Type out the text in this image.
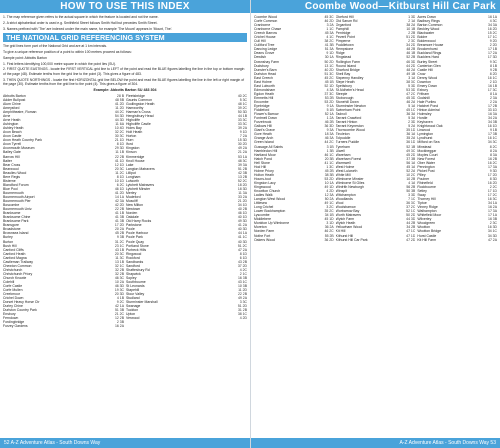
HOW TO USE THIS INDEX

1. The map reference given refers to the actual square in which the feature is located and not the name.

2. A strict alphabetical order is used e.g. Smithfield Street follows Smith Hall but precedes Smith Street.

3. Names prefixed with 'The' are indexed under the main name, for example 'The Mount' appears in 'Mount, The'.

THE NATIONAL GRID REFERENCING SYSTEM

The grid lines form part of the National Grid and are at 1 km intervals.

To give a unique reference position of a point to within 100 metres proceed as follows:

Sample point: Abbotts Barton

1. First letters identifying 100,000 metre square in which the point lies (SU).

2. FIRST QUOTE EASTINGS - locate the FIRST VERTICAL grid line to LEFT of the point and read the BLUE figures labelling the line in the top or bottom margin of the page (48). Estimate tenths from the grid line to the point (3). This gives a figure of 483.

3. THEN QUOTE NORTHINGS - locate the first HORIZONTAL grid line BELOW the point and read the BLUE figures labelling the line in the left or right margin of the page (30). Estimate tenths from the grid line to the point (4). This gives a figure of 304.

Example: Abbotts Barton SU 483 304

Abbotts Barton	28 B
Adder Bullpost	48 5B
Alum Chine	41 2D
Ameysford	11 2D
Amphitheatre, Roman	44 2C
Arne	54 3D
Arne Heath	44 3D
Ashington	11 6A
Ashley Heath	10 4D
Avon Beach	32 2C
Avon Castle	30 3C
Avon Heath Country Park	21 1D
Avon Tyrrell	8 1D
Avonmouth Museum	29 3D
Bailey Gate	11 1B
Barrow Hill	22 2B
Baiter	41 1D
Bear Cross	12 1D
Bearwood	20 3C
Beaulieu Wood	11 2C
Bere Regis	8 1D
Bisterne	10 1D
Blandford Forum	6 2C
Blue Pool	46 1D
Bournemouth	41 2D
Bournemouth Airport	14 1A
Bournemouth Pier	42 3A
Boscombe	42 2D
Bournemouth Univ.	22 2B
Branksome	41 1B
Branksome Chine	41 3B
Branksome Park	41 3B
Bransgore	17 2D
Broadstone	20 2A
Brownsea Island	45 2B
Burley	9 3B
Burton	31 2C
Bush Hill	23 1C
Canford Cliffs	43 1B
Canford Heath	20 3C
Canford Magna	11 3C
Castleman Trailway	13 1B
Chewton Common	32 1C
Christchurch	32 2B
Christchurch Priory	32 2B
Church Knowle	46 3C
Colehill	10 2A
Corfe Castle	46 3D
Corfe Mullen	19 3C
Creekmoor	20 3D
Crichel Down	4 1B
Dorset Heavy Horse Ctr	9 2C
Durley Chine	42 1A
Durlston Country Park	51 3B
Ensbury	21 2C
Ferndown	12 2B
Fordingbridge	2 3B
Furzey Gardens	16 2A
Fleetsbridge	40 2C
Gaunts Common	5 3C
Godlingston Heath	48 1C
Hamworthy	39 2C
Harman's Cross	50 3D
Hengistbury Head	44 1B
Highcliffe	33 3C
Highcliffe Castle	33 3C
Holes Bay	39 2A
Holt Heath	9 1D
Horton	7 2A
Hurn	15 3D
Iford	30 2D
Kingston	49 2A
Kinson	21 2A
Kimmeridge	53 1A
Knoll House	48 3C
Lake	39 3A
Langton Matravers	51 2B
Lilliput	42 3B
Longham	13 2B
Lulworth	52 2C
Lytchett Matravers	18 2D
Lytchett Minster	18 3D
Merley	11 3A
Mudeford	33 2A
Muscliff	21 2D
New Milton	34 1D
Newtown	40 2B
Norden	46 1D
Oakdale	40 1D
Old Harry Rocks	49 3D
Parkstone	41 2A
Poole	40 3D
Poole Harbour	44 1A
Poole Park	41 1C
Poole Quay	40 3D
Portland Stone	51 2C
Purbeck Hills	47 2A
Ringwood	8 1D
Rockford	6 1D
Sandbanks	43 2B
Sandford	37 2D
Shaftesbury Rd	4 2C
Shapwick	2 1C
Sopley	16 3B
Southbourne	43 1C
St Leonards	10 3B
Stapehill	11 2D
Stour Valley	22 2B
Studland	49 2A
Sturminster Marshall	3 3C
Swanage	51 2D
Tuckton	31 2B
Upton	38 1C
Verwood	4 2D
52 A-Z Adventure Atlas - South Downs Way
Coombe Wood—Kitburst Hill Car Park
Coombe Wood	45 3C
Corfe Common	46 2D
Cranborne	3 2A
Cranborne Chase	1 1C
Creech Barrow	45 3A
Crichel House	4 1C
Cull Hill	38 2C
Culliford Tree	41 3B
Dancing Ledge	51 3A
Deans Grove	9 1D
Dewlish	30 1A
Downshay Farm	50 2D
Dudsbury	13 1C
Dunster's Barn	40 2D
Durlston Head	51 3C
East Creech	45 2C
East Holme	45 1B
East Lulworth	52 1D
Edmondsham	4 3A
Egdon Heath	37 3C
Emmetts Hill	53 2B
Encombe	53 2D
Eyebridge	9 1A
Fiddleford	5 1B
Flower's Barrow	52 1A
Fontmell Down	1 2A
Furzebrook	46 2B
Gallows Hill	36 3D
Giant's Grave	9 3A
Gore Heath	18 3A
Grange Arch	46 3A
Green Island	44 2C
Gussage All Saints	3 1B
Hambledon Hill	1 3B
Hartland Moor	46 1C
Hatch Pond	20 3B
Hell Stone	41 1C
Hod Hill	1 3C
Holme Priory	45 2B
Holton Heath	38 3B
Houns-tout	53 2D
Kingston Lacy	10 1A
Kingswood	49 1D
Knowlton Church	4 2D
Ladies Walk	12 3A
Langton West Wood	50 2A
Littlesea	49 1C
Long Crichel	3 2C
Lower Bockhampton	35 2C
Lyscombe	34 1B
Middlebere	45 1D
Monkton Up Wimborne	3 1D
Moreton	36 2A
Norden Farm	46 2C
Nothe Fort	55 2B
Oakers Wood	36 2D
Okeford Hill	1 3D
Old Sarum Rd	2 1A
Organford	38 2A
Pamphill	10 1B
Pentridge	2 2B
Peveril Point	51 2D
Pimperne	2 3C
Puddletown	34 2D
Rempstone	48 2B
Ridge	46 1B
Ringstead	52 2B
Rollington Farm	46 3D
Round Island	44 2D
Sharford Bridge	48 2A
Shell Bay	49 1B
Sixpenny Handley	3 1A
Slepe Heath	38 3C
Spetisbury	5 3D
St Aldhelm's Head	53 3D
Steeple	47 2C
Stoborough	45 3D
Stonehill Down	46 2A
Sturminster Newton	5 1A
Swineham Point	45 1C
Tadnoll	36 3A
Tarrant Crawford	5 3A
Tarrant Hinton	2 3D
Tarrant Keyneston	5 2A
Thorncombe Wood	35 1D
Tincleton	36 1A
Tolpuddle	35 2A
Turners Puddle	36 1D
Tyneham	52 1B
Ulwell	49 3C
Wareham	45 2D
Wareham Forest	37 3B
Warmwell	56 1A
West Holme	45 1A
West Lulworth	52 2A
White Mill	10 2C
Wimborne Minster	10 2B
Wimborne St Giles	4 1A
Winfrith Newburgh	56 2B
Winspit	50 3B
Witchampton	3 3D
Woodlands	7 1C
Wool	36 3C
Woolsbarrow	37 2C
Worbarrow Bay	52 1C
Worth Matravers	50 2D
Wytch Farm	44 3D
Wytch Heath	44 2B
Yellowham Wood	34 2B
Kit Hill	47 1C
Kithurst Hill	47 1D
Kithurst Hill Car Park	47 2D
Acres Down	16 1A
Badbury Rings	4 3C
Barton Common	34 3A
Beckley Wood	16 2D
Blackwater	15 2C
Boldre	17 1C
Bolderwood	9 2D
Breamore House	2 2D
Brockenhurst	17 1B
Buckland Rings	17 2A
Bucklers Hard	17 3D
Burley Street	9 3C
Canterton Glen	8 1B
Castle Hill	9 2B
Crow	8 2D
Denny Wood	16 1C
Downton	2 1D
Emery Down	16 1B
Exbury	17 3C
Fritham	8 1A
Godshill	2 3A
Hale Purlieu	2 2A
Hatchet Pond	17 2B
Hinton Admiral	33 1D
Holmsley	16 3A
Hordle	34 2A
Keyhaven	34 3B
Knightwood Oak	16 1D
Linwood	9 1B
Lymington	17 3B
Lyndhurst	16 1C
Milford on Sea	34 3C
Minstead	8 2C
Mockbeggar	8 2A
Moyles Court	8 3A
New Forest	16 2B
Ober Water	16 2C
Pennington	17 3A
Picket Post	9 3D
Pilley	17 2D
Poulner	8 3D
Rhinefield	16 2D
Rockbourne	2 2C
Setley	17 1D
Sway	17 2C
Thorney Hill	16 3C
Tiptoe	34 1A
Vinney Ridge	16 2A
Walhampton	17 3A
Whitefield Moor	17 1A
Wilverley	16 3B
Woodgreen	2 3C
Wootton	16 3D
Wootton Bridge	34 1C
Hurst Castle	34 3D
Kit Hill Farm	47 2A
A-Z Adventure Atlas - South Downs Way 53
